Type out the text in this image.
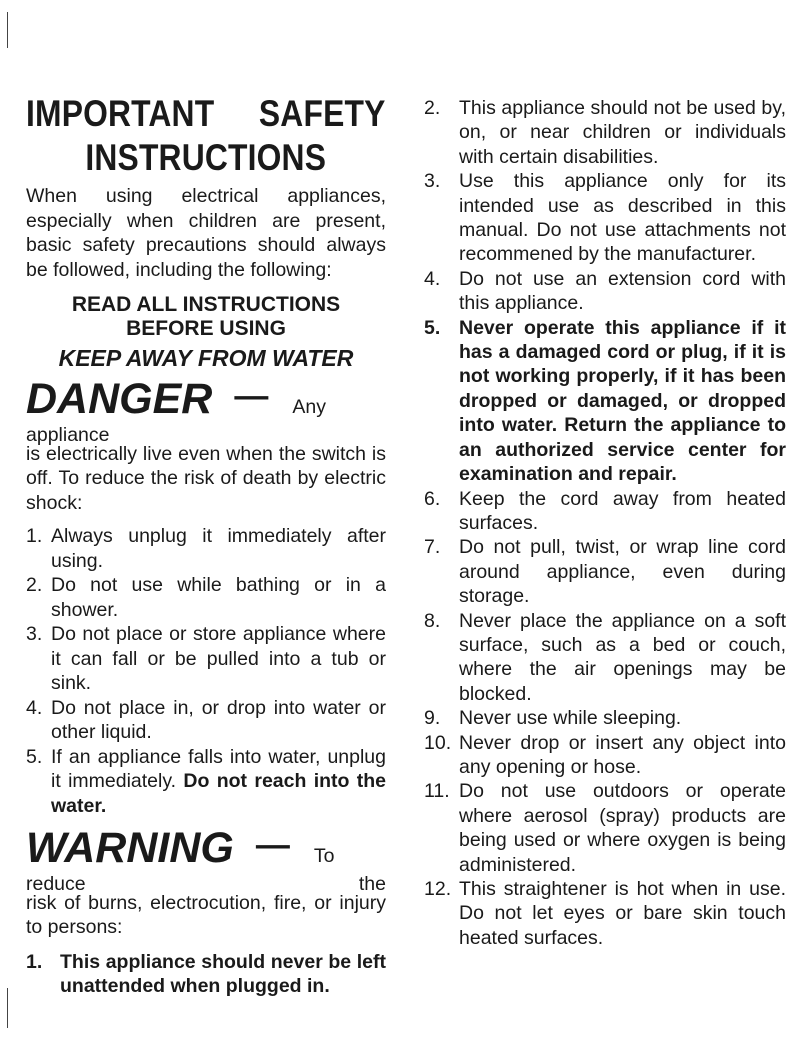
IMPORTANT SAFETY
INSTRUCTIONS

When using electrical appliances, especially when children are present, basic safety precautions should always be followed, including the following:

READ ALL INSTRUCTIONS
BEFORE USING
KEEP AWAY FROM WATER

DANGER — Any appliance

is electrically live even when the switch is off. To reduce the risk of death by electric shock:

1. Always unplug it immediately after using.
2. Do not use while bathing or in a shower.
3. Do not place or store appliance where it can fall or be pulled into a tub or sink.
4. Do not place in, or drop into water or other liquid.
5. If an appliance falls into water, unplug it immediately. Do not reach into the water.

WARNING — To reduce the

risk of burns, electrocution, fire, or injury to persons:

1. This appliance should never be left unattended when plugged in.
2. This appliance should not be used by, on, or near children or individuals with certain disabilities.
3. Use this appliance only for its intended use as described in this manual. Do not use attachments not recommened by the manufacturer.
4. Do not use an extension cord with this appliance.
5. Never operate this appliance if it has a damaged cord or plug, if it is not working properly, if it has been dropped or damaged, or dropped into water. Return the appliance to an authorized service center for examination and repair.
6. Keep the cord away from heated surfaces.
7. Do not pull, twist, or wrap line cord around appliance, even during storage.
8. Never place the appliance on a soft surface, such as a bed or couch, where the air openings may be blocked.
9. Never use while sleeping.
10. Never drop or insert any object into any opening or hose.
11. Do not use outdoors or operate where aerosol (spray) products are being used or where oxygen is being administered.
12. This straightener is hot when in use. Do not let eyes or bare skin touch heated surfaces.
